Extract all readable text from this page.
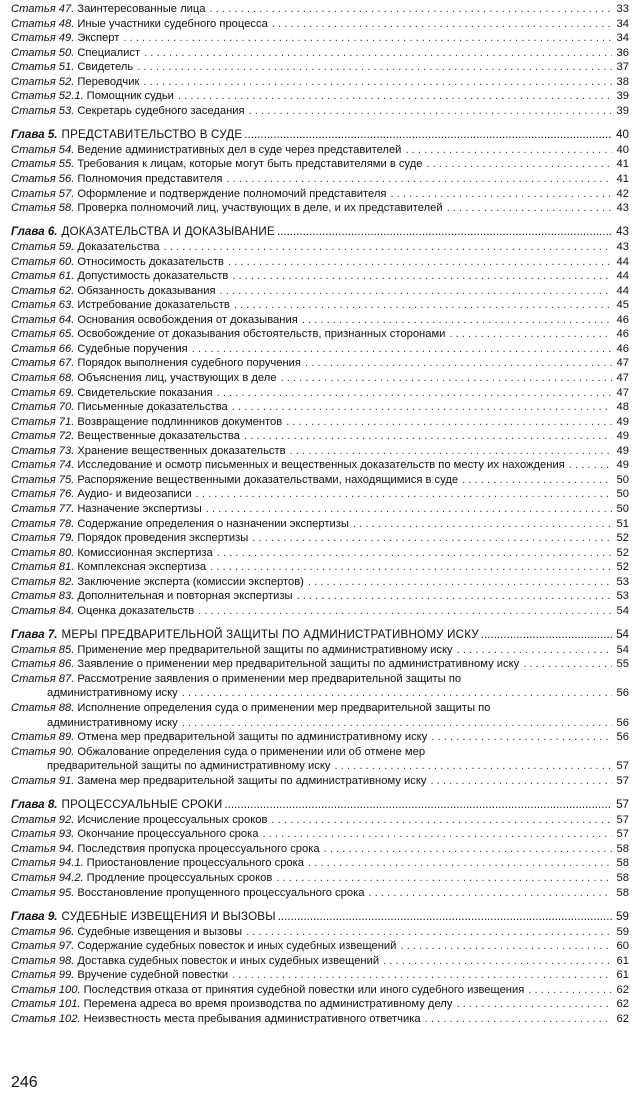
Статья 47. Заинтересованные лица . . .	33
Статья 48. Иные участники судебного процесса . . .	34
Статья 49. Эксперт . . .	34
Статья 50. Специалист . . .	36
Статья 51. Свидетель . . .	37
Статья 52. Переводчик . . .	38
Статья 52.1. Помощник судьи . . .	39
Статья 53. Секретарь судебного заседания . . .	39
Глава 5. ПРЕДСТАВИТЕЛЬСТВО В СУДЕ .....	40
Статья 54. Ведение административных дел в суде через представителей . . .	40
Статья 55. Требования к лицам, которые могут быть представителями в суде . . .	41
Статья 56. Полномочия представителя . . .	41
Статья 57. Оформление и подтверждение полномочий представителя . . .	42
Статья 58. Проверка полномочий лиц, участвующих в деле, и их представителей . . .	43
Глава 6. ДОКАЗАТЕЛЬСТВА И ДОКАЗЫВАНИЕ .....	43
Статья 59. Доказательства . . .	43
Статья 60. Относимость доказательств . . .	44
Статья 61. Допустимость доказательств . . .	44
Статья 62. Обязанность доказывания . . .	44
Статья 63. Истребование доказательств . . .	45
Статья 64. Основания освобождения от доказывания . . .	46
Статья 65. Освобождение от доказывания обстоятельств, признанных сторонами . . .	46
Статья 66. Судебные поручения . . .	46
Статья 67. Порядок выполнения судебного поручения . . .	47
Статья 68. Объяснения лиц, участвующих в деле . . .	47
Статья 69. Свидетельские показания . . .	47
Статья 70. Письменные доказательства . . .	48
Статья 71. Возвращение подлинников документов . . .	49
Статья 72. Вещественные доказательства . . .	49
Статья 73. Хранение вещественных доказательств . . .	49
Статья 74. Исследование и осмотр письменных и вещественных доказательств по месту их нахождения . . .	49
Статья 75. Распоряжение вещественными доказательствами, находящимися в суде . . .	50
Статья 76. Аудио- и видеозаписи . . .	50
Статья 77. Назначение экспертизы . . .	50
Статья 78. Содержание определения о назначении экспертизы . . .	51
Статья 79. Порядок проведения экспертизы . . .	52
Статья 80. Комиссионная экспертиза . . .	52
Статья 81. Комплексная экспертиза . . .	52
Статья 82. Заключение эксперта (комиссии экспертов) . . .	53
Статья 83. Дополнительная и повторная экспертизы . . .	53
Статья 84. Оценка доказательств . . .	54
Глава 7. МЕРЫ ПРЕДВАРИТЕЛЬНОЙ ЗАЩИТЫ ПО АДМИНИСТРАТИВНОМУ ИСКУ .....	54
Статья 85. Применение мер предварительной защиты по административному иску . . .	54
Статья 86. Заявление о применении мер предварительной защиты по административному иску . . .	55
Статья 87. Рассмотрение заявления о применении мер предварительной защиты по
административному иску . . .	56
Статья 88. Исполнение определения суда о применении мер предварительной защиты по
административному иску . . .	56
Статья 89. Отмена мер предварительной защиты по административному иску . . .	56
Статья 90. Обжалование определения суда о применении или об отмене мер
предварительной защиты по административному иску . . .	57
Статья 91. Замена мер предварительной защиты по административному иску . . .	57
Глава 8. ПРОЦЕССУАЛЬНЫЕ СРОКИ .....	57
Статья 92. Исчисление процессуальных сроков . . .	57
Статья 93. Окончание процессуального срока . . .	57
Статья 94. Последствия пропуска процессуального срока . . .	58
Статья 94.1. Приостановление процессуального срока . . .	58
Статья 94.2. Продление процессуальных сроков . . .	58
Статья 95. Восстановление пропущенного процессуального срока . . .	58
Глава 9. СУДЕБНЫЕ ИЗВЕЩЕНИЯ И ВЫЗОВЫ .....	59
Статья 96. Судебные извещения и вызовы . . .	59
Статья 97. Содержание судебных повесток и иных судебных извещений . . .	60
Статья 98. Доставка судебных повесток и иных судебных извещений . . .	61
Статья 99. Вручение судебной повестки . . .	61
Статья 100. Последствия отказа от принятия судебной повестки или иного судебного извещения . . .	62
Статья 101. Перемена адреса во время производства по административному делу . . .	62
Статья 102. Неизвестность места пребывания административного ответчика . . .	62
246
